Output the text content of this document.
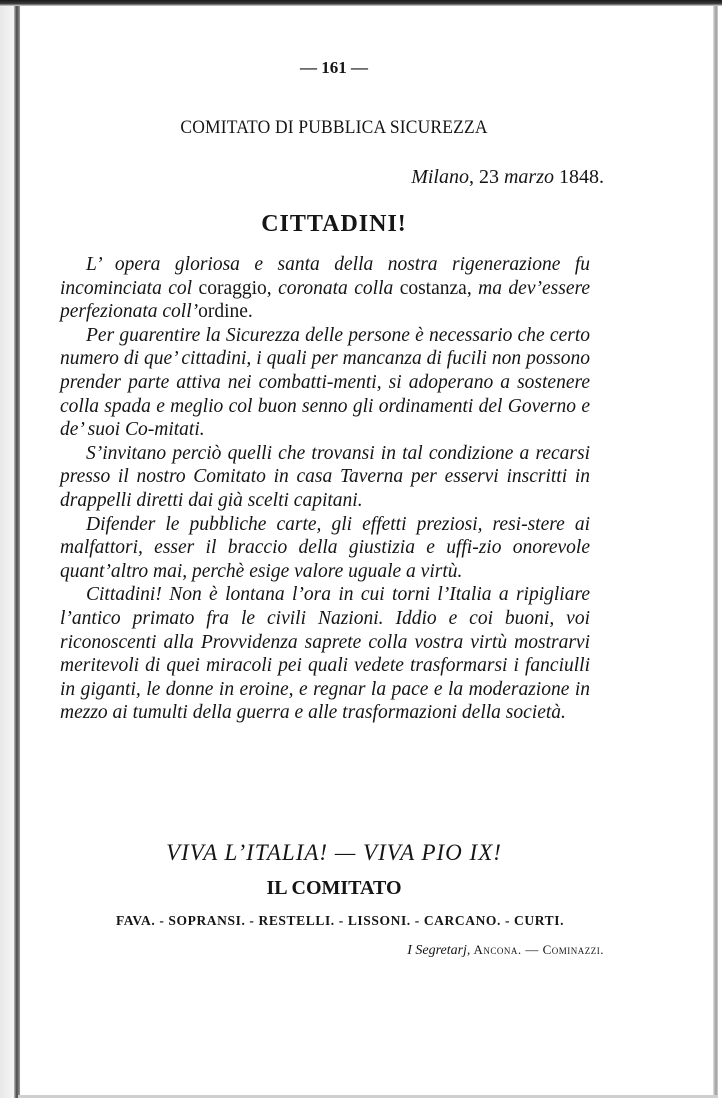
— 161 —
COMITATO DI PUBBLICA SICUREZZA
Milano, 23 marzo 1848.
CITTADINI!

L’ opera gloriosa e santa della nostra rigenerazione fu incominciata col coraggio, coronata colla costanza, ma dev’essere perfezionata coll’ordine.

Per guarentire la Sicurezza delle persone è necessario che certo numero di que’ cittadini, i quali per mancanza di fucili non possono prender parte attiva nei combatti-menti, si adoperano a sostenere colla spada e meglio col buon senno gli ordinamenti del Governo e de’ suoi Co-mitati.

S’invitano perciò quelli che trovansi in tal condizione a recarsi presso il nostro Comitato in casa Taverna per esservi inscritti in drappelli diretti dai già scelti capitani.

Difender le pubbliche carte, gli effetti preziosi, resi-stere ai malfattori, esser il braccio della giustizia e uffi-zio onorevole quant’altro mai, perchè esige valore uguale a virtù.

Cittadini! Non è lontana l’ora in cui torni l’Italia a ripigliare l’antico primato fra le civili Nazioni. Iddio e coi buoni, voi riconoscenti alla Provvidenza saprete colla vostra virtù mostrarvi meritevoli di quei miracoli pei quali vedete trasformarsi i fanciulli in giganti, le donne in eroine, e regnar la pace e la moderazione in mezzo ai tumulti della guerra e alle trasformazioni della società.

VIVA L’ITALIA! — VIVA PIO IX!
IL COMITATO
FAVA. - SOPRANSI. - RESTELLI. - LISSONI. - CARCANO. - CURTI.
I Segretarj, Ancona. — Cominazzi.
